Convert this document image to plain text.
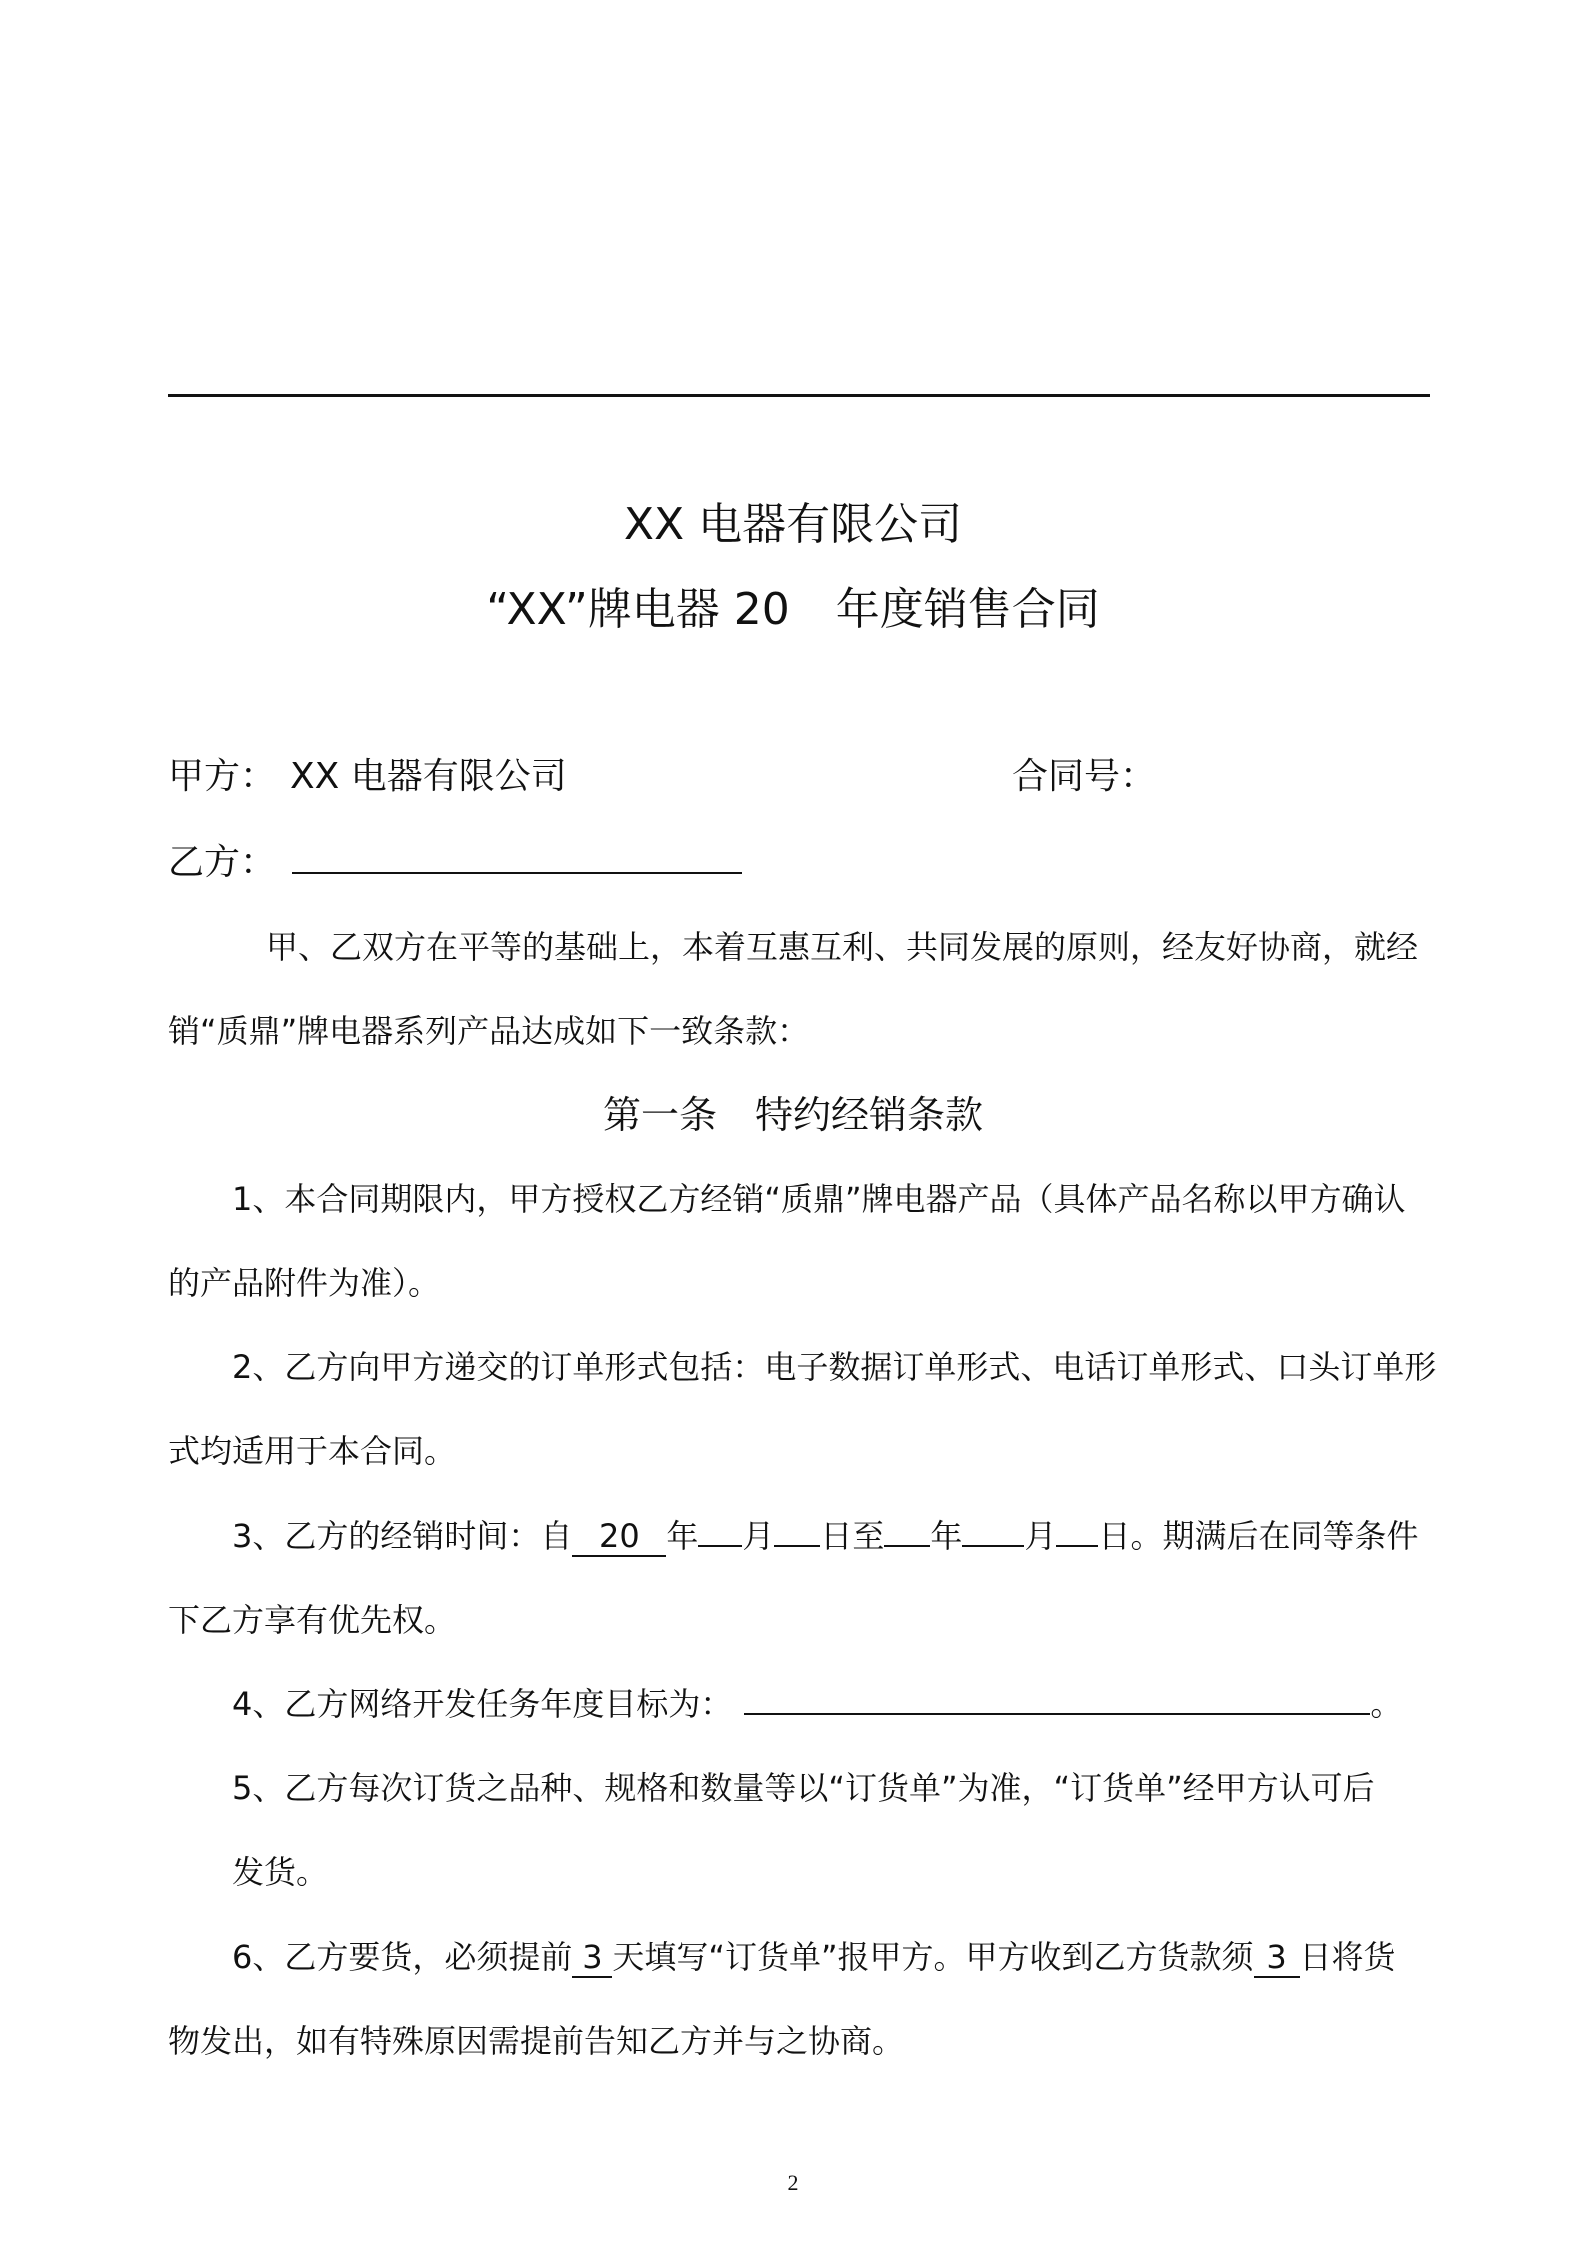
XX 电器有限公司
“XX”牌电器 20 年度销售合同
甲方： XX 电器有限公司	合同号：
乙方：
甲、乙双方在平等的基础上，本着互惠互利、共同发展的原则，经友好协商，就经
销“质鼎”牌电器系列产品达成如下一致条款：
第一条　特约经销条款
1、本合同期限内，甲方授权乙方经销“质鼎”牌电器产品（具体产品名称以甲方确认
的产品附件为准）。
2、乙方向甲方递交的订单形式包括：电子数据订单形式、电话订单形式、口头订单形
式均适用于本合同。
3、乙方的经销时间：自 20 年 月 日至 年 月 日。期满后在同等条件
下乙方享有优先权。
4、乙方网络开发任务年度目标为：	。
5、乙方每次订货之品种、规格和数量等以“订货单”为准，“订货单”经甲方认可后
发货。
6、乙方要货，必须提前 3 天填写“订货单”报甲方。甲方收到乙方货款须 3 日将货
物发出，如有特殊原因需提前告知乙方并与之协商。
2
